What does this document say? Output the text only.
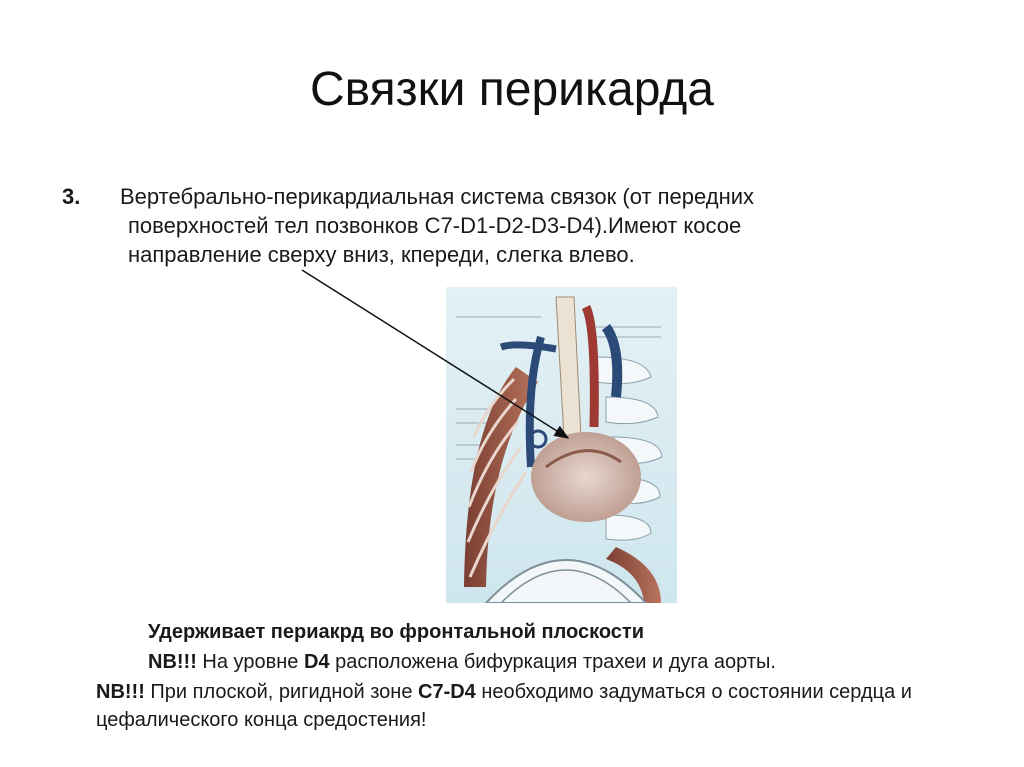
Связки перикарда
3. Вертебрально-перикардиальная система связок (от передних
поверхностей тел позвонков С7-D1-D2-D3-D4).Имеют косое
направление сверху вниз, кпереди, слегка влево.
Удерживает периакрд во фронтальной плоскости
NB!!! На уровне D4 расположена бифуркация трахеи и дуга аорты.
NB!!! При плоской, ригидной зоне С7-D4 необходимо задуматься о состоянии сердца и цефалического конца средостения!
